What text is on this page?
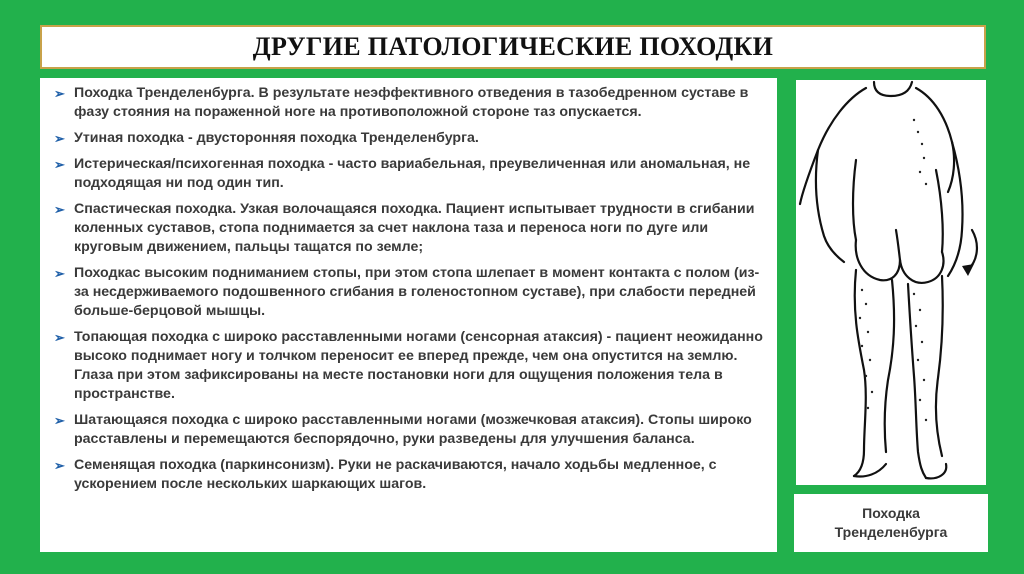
ДРУГИЕ ПАТОЛОГИЧЕСКИЕ ПОХОДКИ
➢ Походка Тренделенбурга. В результате неэффективного отведения в тазобедренном суставе в фазу стояния на пораженной ноге на противоположной стороне таз опускается.
➢ Утиная походка - двусторонняя походка Тренделенбурга.
➢ Истерическая/психогенная походка - часто вариабельная, преувеличенная или аномальная, не подходящая ни под один тип.
➢ Спастическая походка. Узкая волочащаяся походка. Пациент испытывает трудности в сгибании коленных суставов, стопа поднимается за счет наклона таза и переноса ноги по дуге или круговым движением, пальцы тащатся по земле;
➢ Походкас высоким подниманием стопы, при этом стопа шлепает в момент контакта с полом (из-за несдерживаемого подошвенного сгибания в голеностопном суставе), при слабости передней больше-берцовой мышцы.
➢ Топающая походка с широко расставленными ногами (сенсорная атаксия) - пациент неожиданно высоко поднимает ногу и толчком переносит ее вперед прежде, чем она опустится на землю. Глаза при этом зафиксированы на месте постановки ноги для ощущения положения тела в пространстве.
➢ Шатающаяся походка с широко расставленными ногами (мозжечковая атаксия). Стопы широко расставлены и перемещаются беспорядочно, руки разведены для улучшения баланса.
➢ Семенящая походка (паркинсонизм). Руки не раскачиваются, начало ходьбы медленное, с ускорением после нескольких шаркающих шагов.
Походка
Тренделенбурга
